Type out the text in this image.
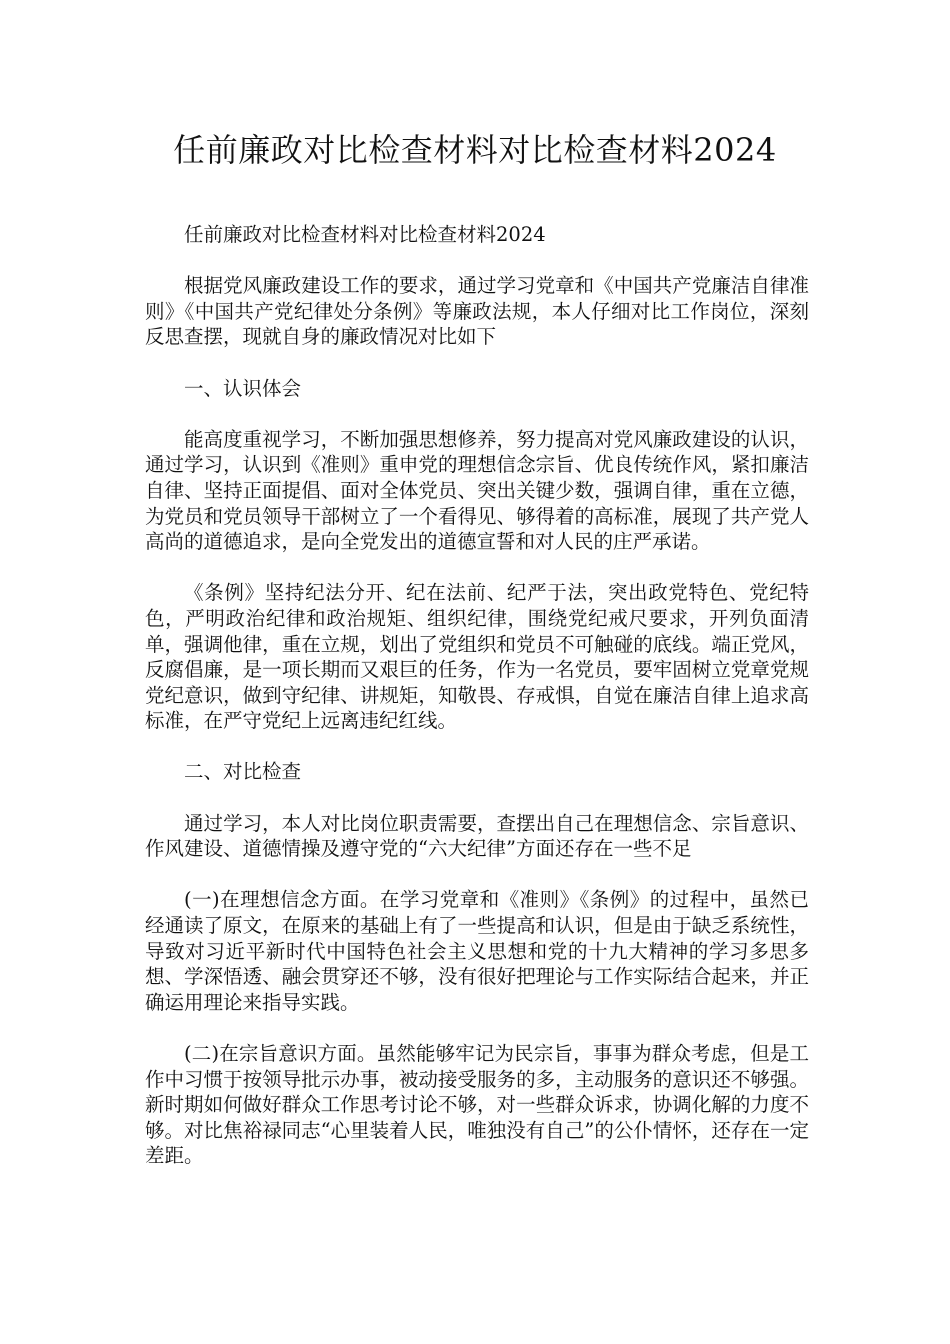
任前廉政对比检查材料对比检查材料2024

任前廉政对比检查材料对比检查材料2024

根据党风廉政建设工作的要求，通过学习党章和《中国共产党廉洁自律准则》《中国共产党纪律处分条例》等廉政法规，本人仔细对比工作岗位，深刻反思查摆，现就自身的廉政情况对比如下

一、认识体会

能高度重视学习，不断加强思想修养，努力提高对党风廉政建设的认识，通过学习，认识到《准则》重申党的理想信念宗旨、优良传统作风，紧扣廉洁自律、坚持正面提倡、面对全体党员、突出关键少数，强调自律，重在立德，为党员和党员领导干部树立了一个看得见、够得着的高标准，展现了共产党人高尚的道德追求，是向全党发出的道德宣誓和对人民的庄严承诺。

《条例》坚持纪法分开、纪在法前、纪严于法，突出政党特色、党纪特色，严明政治纪律和政治规矩、组织纪律，围绕党纪戒尺要求，开列负面清单，强调他律，重在立规，划出了党组织和党员不可触碰的底线。端正党风，反腐倡廉，是一项长期而又艰巨的任务，作为一名党员，要牢固树立党章党规党纪意识，做到守纪律、讲规矩，知敬畏、存戒惧，自觉在廉洁自律上追求高标准，在严守党纪上远离违纪红线。

二、对比检查

通过学习，本人对比岗位职责需要，查摆出自己在理想信念、宗旨意识、作风建设、道德情操及遵守党的“六大纪律”方面还存在一些不足

(一)在理想信念方面。在学习党章和《准则》《条例》的过程中，虽然已经通读了原文，在原来的基础上有了一些提高和认识，但是由于缺乏系统性，导致对习近平新时代中国特色社会主义思想和党的十九大精神的学习多思多想、学深悟透、融会贯穿还不够，没有很好把理论与工作实际结合起来，并正确运用理论来指导实践。

(二)在宗旨意识方面。虽然能够牢记为民宗旨，事事为群众考虑，但是工作中习惯于按领导批示办事，被动接受服务的多，主动服务的意识还不够强。新时期如何做好群众工作思考讨论不够，对一些群众诉求，协调化解的力度不够。对比焦裕禄同志“心里装着人民，唯独没有自己”的公仆情怀，还存在一定差距。
